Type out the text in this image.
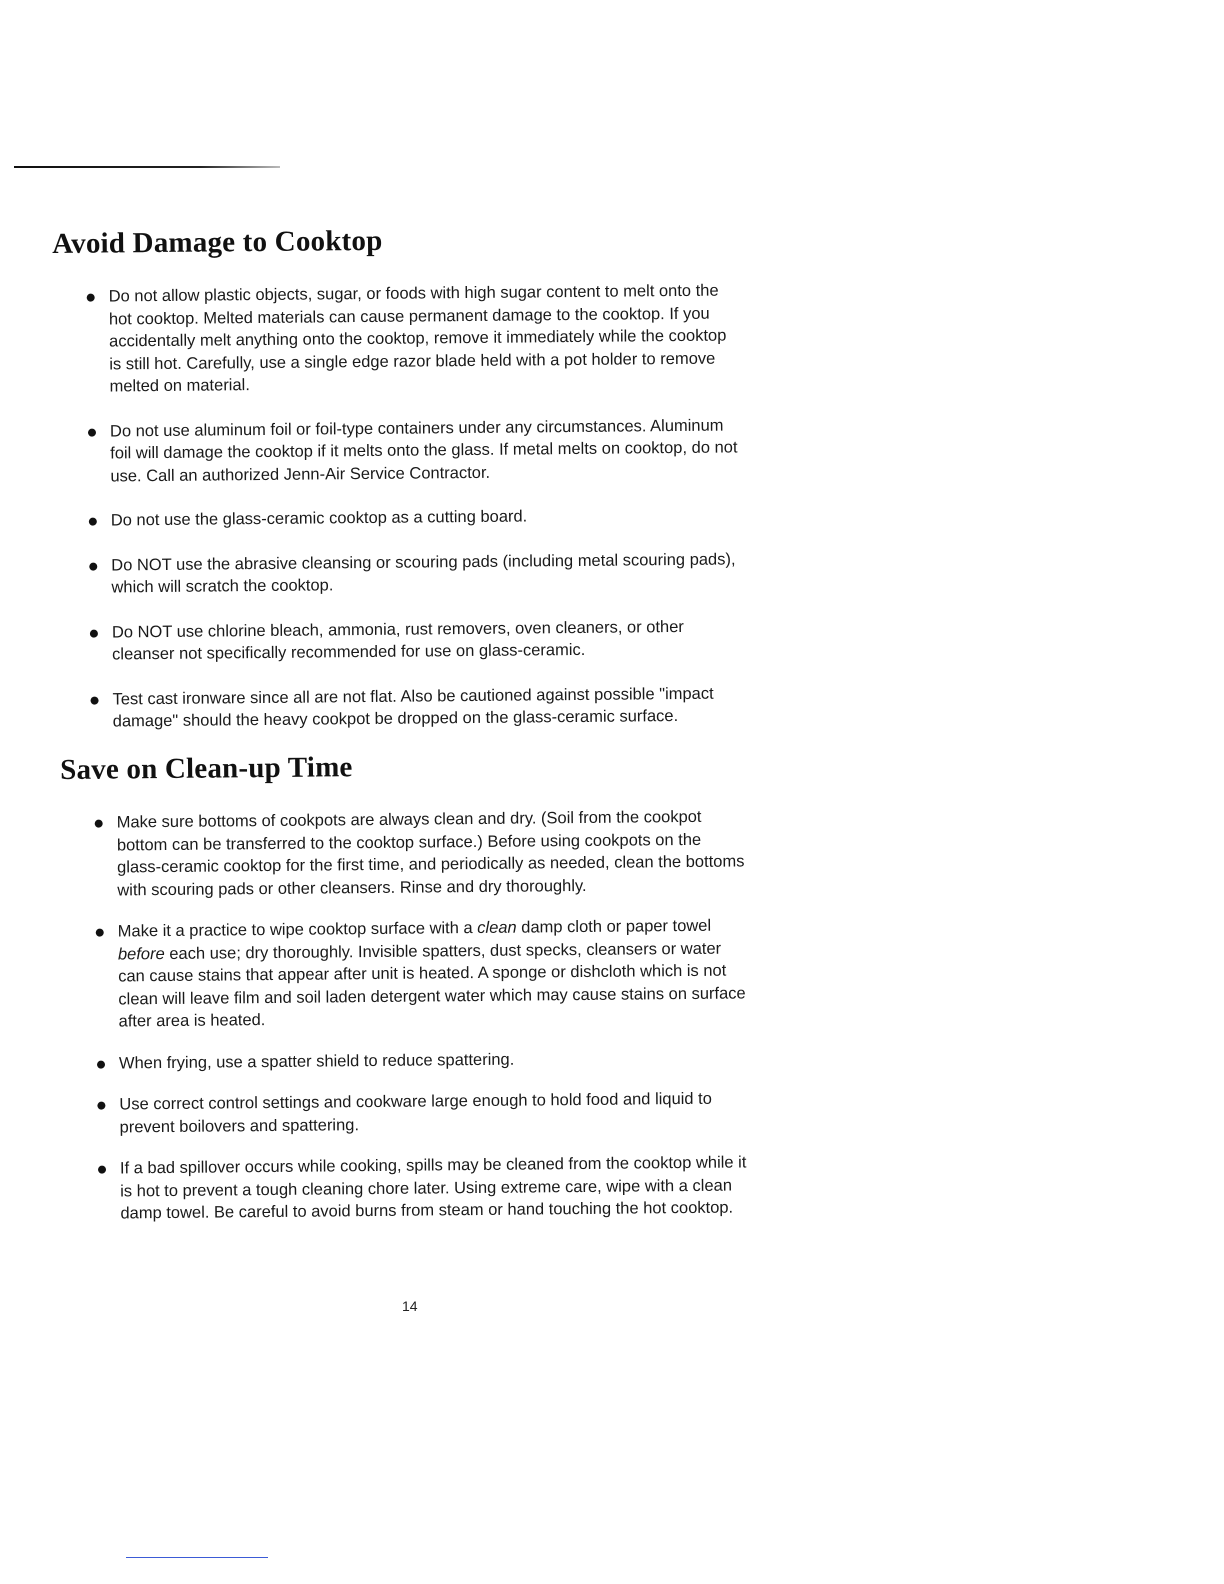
Avoid Damage to Cooktop
Do not allow plastic objects, sugar, or foods with high sugar content to melt onto the hot cooktop. Melted materials can cause permanent damage to the cooktop. If you accidentally melt anything onto the cooktop, remove it immediately while the cooktop is still hot. Carefully, use a single edge razor blade held with a pot holder to remove melted on material.
Do not use aluminum foil or foil-type containers under any circumstances. Aluminum foil will damage the cooktop if it melts onto the glass. If metal melts on cooktop, do not use. Call an authorized Jenn-Air Service Contractor.
Do not use the glass-ceramic cooktop as a cutting board.
Do NOT use the abrasive cleansing or scouring pads (including metal scouring pads), which will scratch the cooktop.
Do NOT use chlorine bleach, ammonia, rust removers, oven cleaners, or other cleanser not specifically recommended for use on glass-ceramic.
Test cast ironware since all are not flat. Also be cautioned against possible "impact damage" should the heavy cookpot be dropped on the glass-ceramic surface.
Save on Clean-up Time
Make sure bottoms of cookpots are always clean and dry. (Soil from the cookpot bottom can be transferred to the cooktop surface.) Before using cookpots on the glass-ceramic cooktop for the first time, and periodically as needed, clean the bottoms with scouring pads or other cleansers. Rinse and dry thoroughly.
Make it a practice to wipe cooktop surface with a clean damp cloth or paper towel before each use; dry thoroughly. Invisible spatters, dust specks, cleansers or water can cause stains that appear after unit is heated. A sponge or dishcloth which is not clean will leave film and soil laden detergent water which may cause stains on surface after area is heated.
When frying, use a spatter shield to reduce spattering.
Use correct control settings and cookware large enough to hold food and liquid to prevent boilovers and spattering.
If a bad spillover occurs while cooking, spills may be cleaned from the cooktop while it is hot to prevent a tough cleaning chore later. Using extreme care, wipe with a clean damp towel. Be careful to avoid burns from steam or hand touching the hot cooktop.
14
